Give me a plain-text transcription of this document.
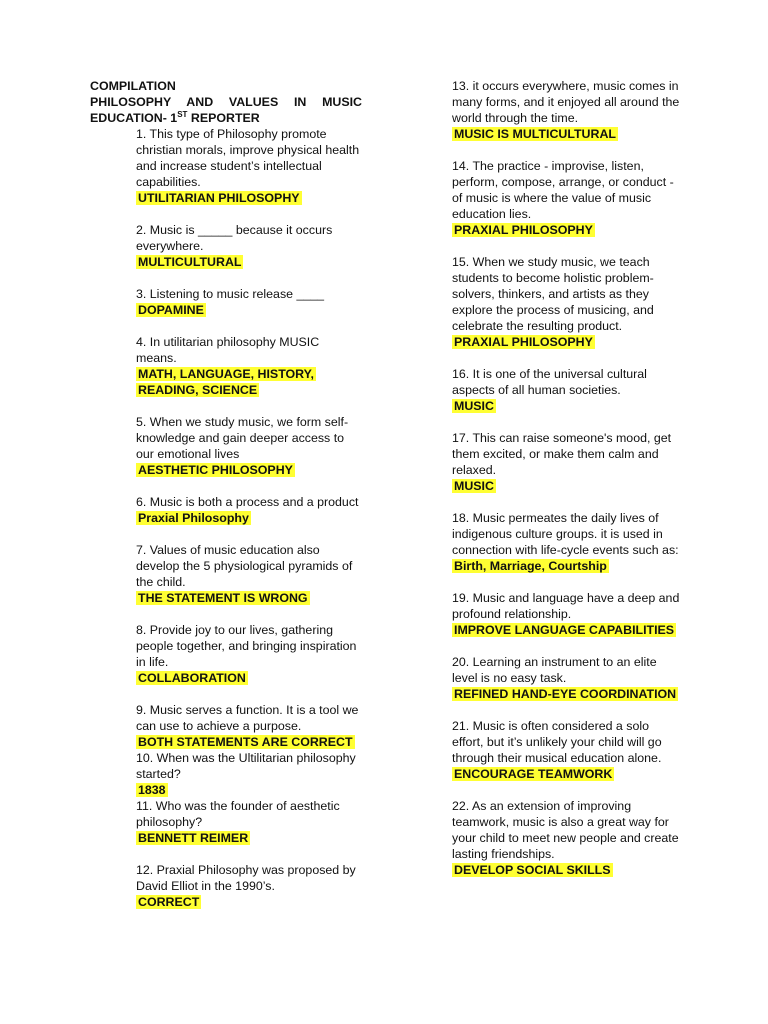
COMPILATION
PHILOSOPHY AND VALUES IN MUSIC
EDUCATION- 1ST REPORTER
1. This type of Philosophy promote christian morals, improve physical health and increase student’s intellectual capabilities.
UTILITARIAN PHILOSOPHY
2. Music is _____ because it occurs everywhere.
MULTICULTURAL
3. Listening to music release ____
DOPAMINE
4. In utilitarian philosophy MUSIC means.
MATH, LANGUAGE, HISTORY, READING, SCIENCE
5. When we study music, we form self-knowledge and gain deeper access to our emotional lives
AESTHETIC PHILOSOPHY
6. Music is both a process and a product
Praxial Philosophy
7. Values of music education also develop the 5 physiological pyramids of the child.
THE STATEMENT IS WRONG
8. Provide joy to our lives, gathering people together, and bringing inspiration in life.
COLLABORATION
9. Music serves a function. It is a tool we can use to achieve a purpose.
BOTH STATEMENTS ARE CORRECT
10. When was the Ultilitarian philosophy started?
1838
11. Who was the founder of aesthetic philosophy?
BENNETT REIMER
12. Praxial Philosophy was proposed by David Elliot in the 1990’s.
CORRECT
13. it occurs everywhere, music comes in many forms, and it enjoyed all around the world through the time.
MUSIC IS MULTICULTURAL
14. The practice - improvise, listen, perform, compose, arrange, or conduct - of music is where the value of music education lies.
PRAXIAL PHILOSOPHY
15. When we study music, we teach students to become holistic problem-solvers, thinkers, and artists as they explore the process of musicing, and celebrate the resulting product.
PRAXIAL PHILOSOPHY
16. It is one of the universal cultural aspects of all human societies.
MUSIC
17. This can raise someone's mood, get them excited, or make them calm and relaxed.
MUSIC
18. Music permeates the daily lives of indigenous culture groups. it is used in connection with life-cycle events such as:
Birth, Marriage, Courtship
19. Music and language have a deep and profound relationship.
IMPROVE LANGUAGE CAPABILITIES
20. Learning an instrument to an elite level is no easy task.
REFINED HAND-EYE COORDINATION
21. Music is often considered a solo effort, but it’s unlikely your child will go through their musical education alone.
ENCOURAGE TEAMWORK
22. As an extension of improving teamwork, music is also a great way for your child to meet new people and create lasting friendships.
DEVELOP SOCIAL SKILLS
